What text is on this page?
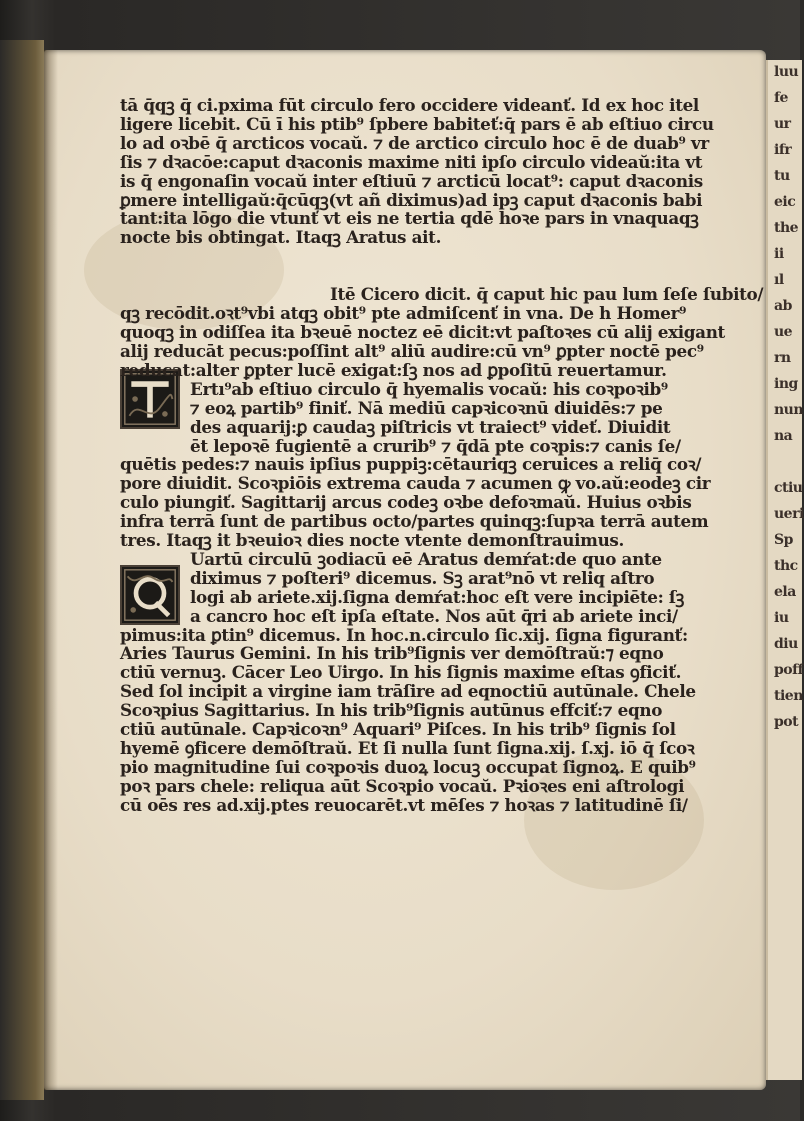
luu
fe
ur
ifr
tu
eic
the
ii
ıl
ab
ue
rn
ing
nun
na
ctiu
ueri
Sp
thc
ela
iu
diu
poff
tien
pot
tā q̄qꝫ q̄ ci.pxima fūt circulo fero occidere videanť. Id ex hoc itel
ligere licebit. Cū ī his ptib⁹ ſpbere babiteť:q̄ pars ē ab eſtiuo circu
lo ad oꝛbē q̄ arcticos vocaŭ. ⁊ de arctico circulo hoc ē de duab⁹ vr
ſis ⁊ dꝛacōe:caput dꝛaconis maxime niti ipſo circulo videaŭ:ita vt
is q̄ engonaſin vocaŭ inter eſtiuū ⁊ arcticū locat⁹: caput dꝛaconis
ꝑmere intelligaŭ:q̄cūqꝫ(vt añ diximus)ad ipꝫ caput dꝛaconis babi
tant:ita lōgo die vtunť vt eis ne tertia qdē hoꝛe pars in vnaquaqꝫ
nocte bis obtingat. Itaqꝫ Aratus ait.
Itē Cicero dicit. q̄ caput hic pau lum ſeſe ſubito/
qꝫ recōdit.oꝛt⁹vbi atqꝫ obit⁹ pte admiſcenť in vna. De h Homer⁹
quoqꝫ in odiſſea ita bꝛeuē noctez eē dicit:vt paſtoꝛes cū alij exigant
alij reducāt pecus:poſſint alt⁹ aliū audire:cū vn⁹ ꝑpter noctē pec⁹
reducat:alter ꝑpter lucē exigat:ſꝫ nos ad ꝑpoſitū reuertamur.
Ertı⁹ab eſtiuo circulo q̄ hyemalis vocaŭ: his coꝛpoꝛib⁹
⁊ eoꝝ partib⁹ finiť. Nā mediū capꝛicoꝛnū diuidēs:⁊ pe
des aquarij:ꝑ caudaꝫ piſtricis vt traiect⁹ videť. Diuidit
ēt lepoꝛē fugientē a crurib⁹ ⁊ q̄dā pte coꝛpis:⁊ canis ſe/
quētis pedes:⁊ nauis ipſius puppiꝫ:cētauriqꝫ ceruices a reliq̄ coꝛ/
pore diuidit. Scoꝛpiōis extrema cauda ⁊ acumen ꝙ vo.aŭ:eodeꝫ cir
culo piungiť. Sagittarij arcus codeꝫ oꝛbe defoꝛmaŭ. Huius oꝛbis
infra terrā ſunt de partibus octo/partes quinqꝫ:ſupꝛa terrā autem
tres. Itaqꝫ it bꝛeuioꝛ dies nocte vtente demonſtrauimus.
Uartū circulū ꝫodiacū eē Aratus demŕat:de quo ante
diximus ⁊ poſteri⁹ dicemus. Sꝫ arat⁹nō vt reliq aſtro
logi ab ariete.xij.ſigna demŕat:hoc eſt vere incipiēte: ſꝫ
a cancro hoc eſt ipſa eſtate. Nos aūt q̄ri ab ariete inci/
pimus:ita ꝑtin⁹ dicemus. In hoc.n.circulo ſic.xij. ſigna figuranť:
Aries Taurus Gemini. In his trib⁹ſignis ver demōſtraŭ:⁊ eqno
ctiū vernuꝫ. Cācer Leo Uirgo. In his ſignis maxime eſtas ꝯficiť.
Sed ſol incipit a virgine iam trāſire ad eqnoctiū autūnale. Chele
Scoꝛpius Sagittarius. In his trib⁹ſignis autūnus effciť:⁊ eqno
ctiū autūnale. Capꝛicoꝛn⁹ Aquari⁹ Piſces. In his trib⁹ ſignis ſol
hyemē ꝯficere demōſtraŭ. Et ſi nulla ſunt ſigna.xij. ſ.xj. iō q̄ ſcoꝛ
pio magnitudine ſui coꝛpoꝛis duoꝝ locuꝫ occupat ſignoꝝ. E quib⁹
poꝛ pars chele: reliqua aūt Scoꝛpio vocaŭ. Pꝛioꝛes eni aſtrologi
cū oēs res ad.xij.ptes reuocarēt.vt mēſes ⁊ hoꝛas ⁊ latitudinē ſi/
